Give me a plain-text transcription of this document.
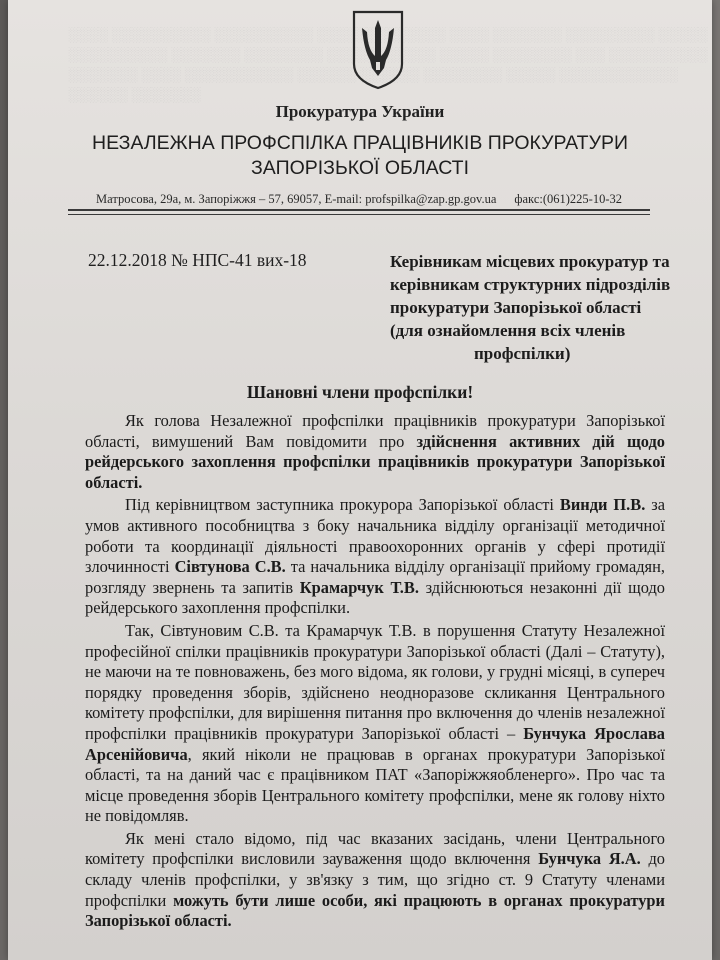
░░░░ ░░░░░░░░░░ ░░░░░░░░░░ ░░░░░░░░░░░░░ ░░░░ ░░░░░░░ ░░░░░░░░░ ░░░░░ ░░░░░░░░░░ ░░░░░░░ ░░░░░░░░ ░░░░░░░░░░░ ░░░░░ ░░░░░░░░ ░░░ ░░░░░░░░░░ ░░░░░░░ ░░░░ ░░░░░░░░░░░ ░░░░░░ ░░░░░░ ░░░░░░░░ ░░░░░ ░░░░░░░░░░░░ ░░░░░░ ░░░░░░░
Прокуратура України
НЕЗАЛЕЖНА ПРОФСПІЛКА ПРАЦІВНИКІВ ПРОКУРАТУРИ
ЗАПОРІЗЬКОЇ ОБЛАСТІ
Матросова, 29а, м. Запоріжжя – 57, 69057, E-mail: profspilka@zap.gp.gov.ua факс:(061)225-10-32
22.12.2018 № НПС-41 вих-18	Керівникам місцевих прокуратур та
керівникам структурних підрозділів
прокуратури Запорізької області
(для ознайомлення всіх членів
профспілки)
Шановні члени профспілки!

Як голова Незалежної профспілки працівників прокуратури Запорізької області, вимушений Вам повідомити про здійснення активних дій щодо рейдерського захоплення профспілки працівників прокуратури Запорізької області.

Під керівництвом заступника прокурора Запорізької області Винди П.В. за умов активного пособництва з боку начальника відділу організації методичної роботи та координації діяльності правоохоронних органів у сфері протидії злочинності Сівтунова С.В. та начальника відділу організації прийому громадян, розгляду звернень та запитів Крамарчук Т.В. здійснюються незаконні дії щодо рейдерського захоплення профспілки.

Так, Сівтуновим С.В. та Крамарчук Т.В. в порушення Статуту Незалежної професійної спілки працівників прокуратури Запорізької області (Далі – Статуту), не маючи на те повноважень, без мого відома, як голови, у грудні місяці, в супереч порядку проведення зборів, здійснено неодноразове скликання Центрального комітету профспілки, для вирішення питання про включення до членів незалежної профспілки працівників прокуратури Запорізької області – Бунчука Ярослава Арсенійовича, який ніколи не працював в органах прокуратури Запорізької області, та на даний час є працівником ПАТ «Запоріжжяобленерго». Про час та місце проведення зборів Центрального комітету профспілки, мене як голову ніхто не повідомляв.

Як мені стало відомо, під час вказаних засідань, члени Центрального комітету профспілки висловили зауваження щодо включення Бунчука Я.А. до складу членів профспілки, у зв'язку з тим, що згідно ст. 9 Статуту членами профспілки можуть бути лише особи, які працюють в органах прокуратури Запорізької області.
